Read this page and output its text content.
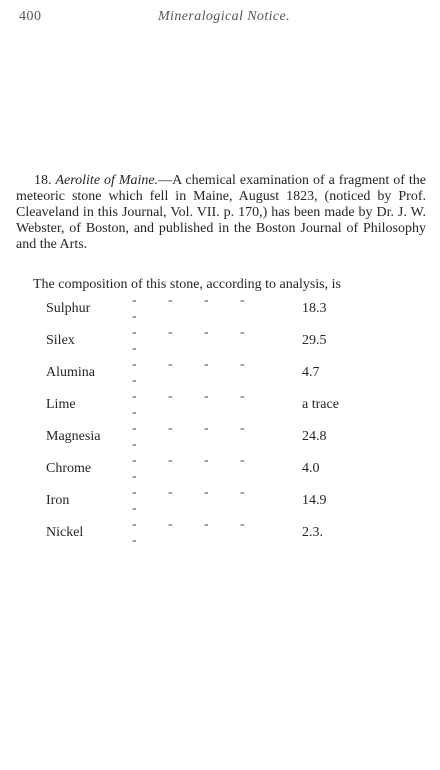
400	Mineralogical Notice.
18. Aerolite of Maine.—A chemical examination of a fragment of the meteoric stone which fell in Maine, August 1823, (noticed by Prof. Cleaveland in this Journal, Vol. VII. p. 170,) has been made by Dr. J. W. Webster, of Boston, and published in the Boston Journal of Philosophy and the Arts.
The composition of this stone, according to analysis, is
Sulphur	- - - --	18.3
Silex	- - - --	29.5
Alumina	- - - --	4.7
Lime	- - - --	a trace
Magnesia	- - - --	24.8
Chrome	- - - --	4.0
Iron	- - - --	14.9
Nickel	- - - --	2.3.
